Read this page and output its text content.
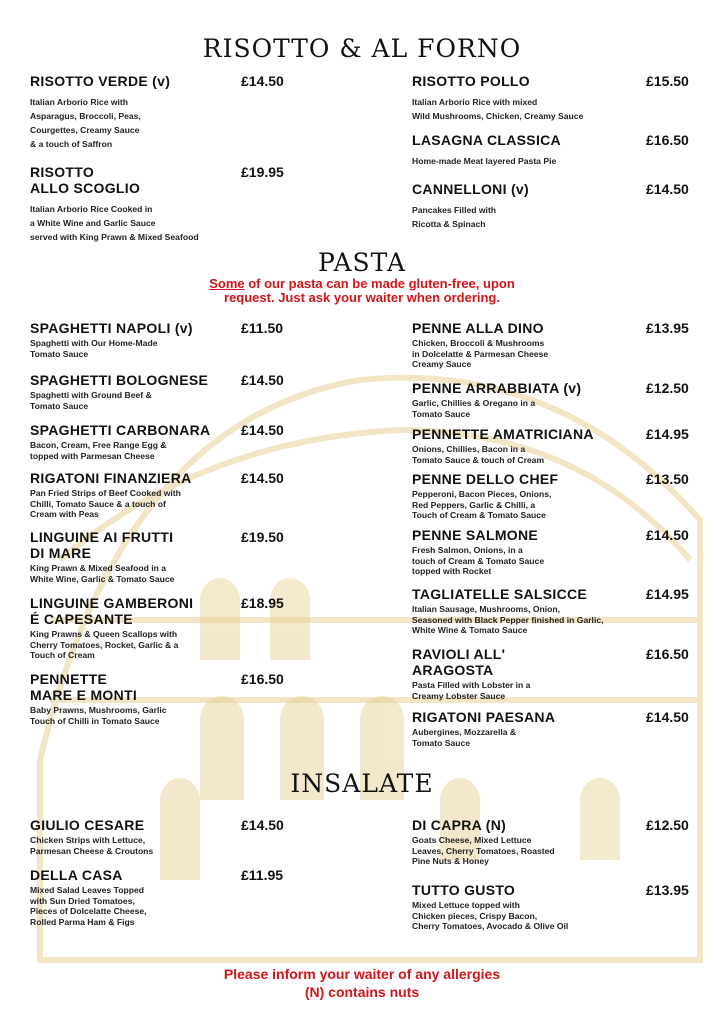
RISOTTO & AL FORNO
PASTA
Some of our pasta can be made gluten-free, upon
request. Just ask your waiter when ordering.
INSALATE
RISOTTO VERDE (v)
Italian Arborio Rice with
Asparagus, Broccoli, Peas,
Courgettes, Creamy Sauce
& a touch of Saffron
£14.50
RISOTTO
ALLO SCOGLIO
Italian Arborio Rice Cooked in
a White Wine and Garlic Sauce
served with King Prawn & Mixed Seafood
£19.95
RISOTTO POLLO
Italian Arborio Rice with mixed
Wild Mushrooms, Chicken, Creamy Sauce
£15.50
LASAGNA CLASSICA
Home-made Meat layered Pasta Pie
£16.50
CANNELLONI (v)
Pancakes Filled with
Ricotta & Spinach
£14.50
SPAGHETTI NAPOLI (v)
Spaghetti with Our Home-Made
Tomato Sauce
£11.50
SPAGHETTI BOLOGNESE
Spaghetti with Ground Beef &
Tomato Sauce
£14.50
SPAGHETTI CARBONARA
Bacon, Cream, Free Range Egg &
topped with Parmesan Cheese
£14.50
RIGATONI FINANZIERA
Pan Fried Strips of Beef Cooked with
Chilli, Tomato Sauce & a touch of
Cream with Peas
£14.50
LINGUINE AI FRUTTI
DI MARE
King Prawn & Mixed Seafood in a
White Wine, Garlic & Tomato Sauce
£19.50
LINGUINE GAMBERONI
É CAPESANTE
King Prawns & Queen Scallops with
Cherry Tomatoes, Rocket, Garlic & a
Touch of Cream
£18.95
PENNETTE
MARE E MONTI
Baby Prawns, Mushrooms, Garlic
Touch of Chilli in Tomato Sauce
£16.50
PENNE ALLA DINO
Chicken, Broccoli & Mushrooms
in Dolcelatte & Parmesan Cheese
Creamy Sauce
£13.95
PENNE ARRABBIATA (v)
Garlic, Chillies & Oregano in a
Tomato Sauce
£12.50
PENNETTE AMATRICIANA
Onions, Chillies, Bacon in a
Tomato Sauce & touch of Cream
£14.95
PENNE DELLO CHEF
Pepperoni, Bacon Pieces, Onions,
Red Peppers, Garlic & Chilli, a
Touch of Cream & Tomato Sauce
£13.50
PENNE SALMONE
Fresh Salmon, Onions, in a
touch of Cream & Tomato Sauce
topped with Rocket
£14.50
TAGLIATELLE SALSICCE
Italian Sausage, Mushrooms, Onion,
Seasoned with Black Pepper finished in Garlic,
White Wine & Tomato Sauce
£14.95
RAVIOLI ALL'
ARAGOSTA
Pasta Filled with Lobster in a
Creamy Lobster Sauce
£16.50
RIGATONI PAESANA
Aubergines, Mozzarella &
Tomato Sauce
£14.50
GIULIO CESARE
Chicken Strips with Lettuce,
Parmesan Cheese & Croutons
£14.50
DELLA CASA
Mixed Salad Leaves Topped
with Sun Dried Tomatoes,
Pieces of Dolcelatte Cheese,
Rolled Parma Ham & Figs
£11.95
DI CAPRA (N)
Goats Cheese, Mixed Lettuce
Leaves, Cherry Tomatoes, Roasted
Pine Nuts & Honey
£12.50
TUTTO GUSTO
Mixed Lettuce topped with
Chicken pieces, Crispy Bacon,
Cherry Tomatoes, Avocado & Olive Oil
£13.95
Please inform your waiter of any allergies
(N) contains nuts
